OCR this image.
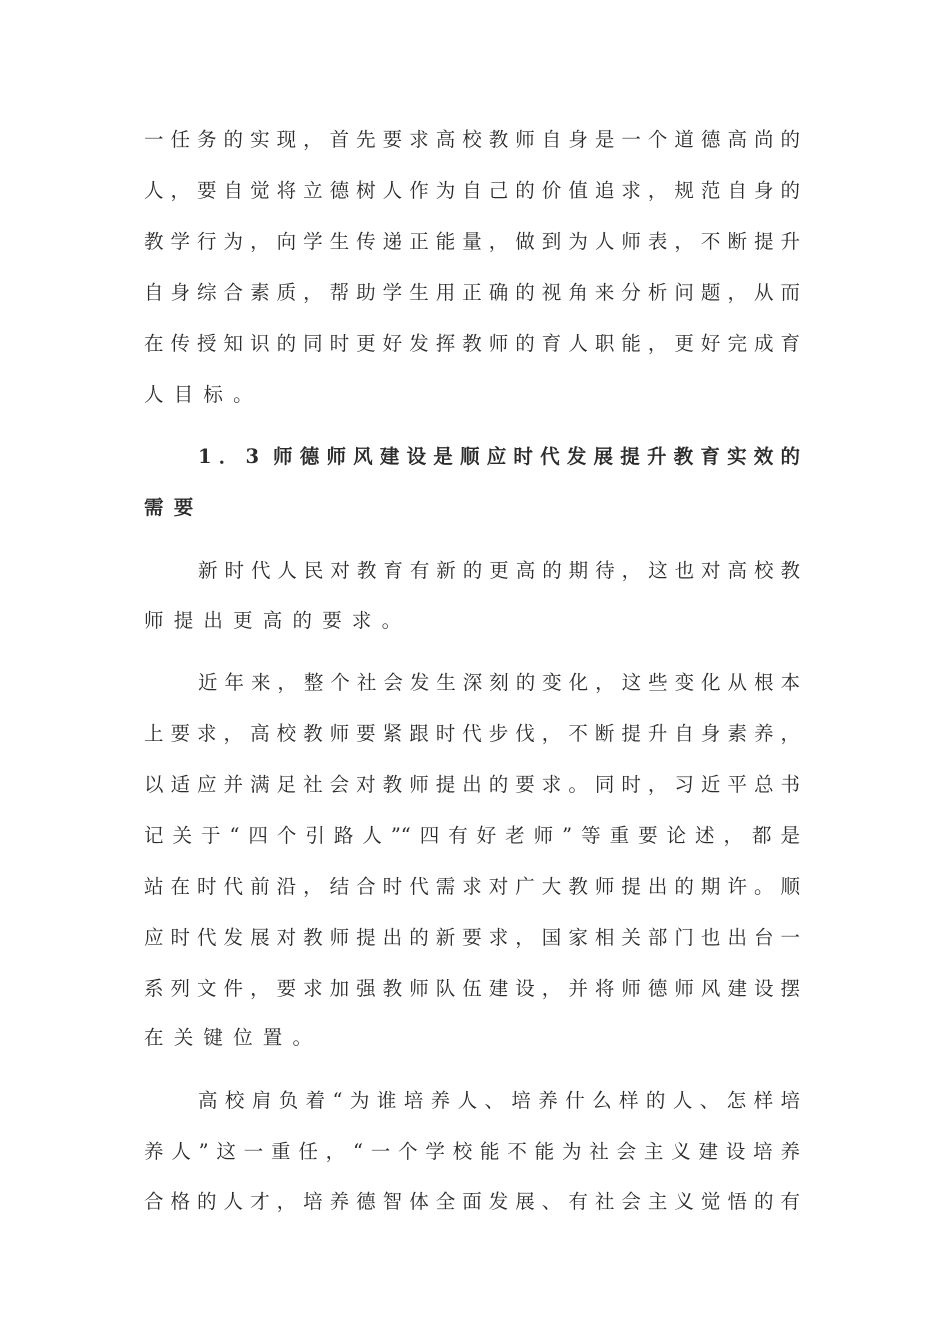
一任务的实现，首先要求高校教师自身是一个道德高尚的
人，要自觉将立德树人作为自己的价值追求，规范自身的
教学行为，向学生传递正能量，做到为人师表，不断提升
自身综合素质，帮助学生用正确的视角来分析问题，从而
在传授知识的同时更好发挥教师的育人职能，更好完成育
人目标。
1．3 师德师风建设是顺应时代发展提升教育实效的
需要
新时代人民对教育有新的更高的期待，这也对高校教
师提出更高的要求。
近年来，整个社会发生深刻的变化，这些变化从根本
上要求，高校教师要紧跟时代步伐，不断提升自身素养，
以适应并满足社会对教师提出的要求。同时，习近平总书
记关于“四个引路人”“四有好老师”等重要论述，都是
站在时代前沿，结合时代需求对广大教师提出的期许。顺
应时代发展对教师提出的新要求，国家相关部门也出台一
系列文件，要求加强教师队伍建设，并将师德师风建设摆
在关键位置。
高校肩负着“为谁培养人、培养什么样的人、怎样培
养人”这一重任，“一个学校能不能为社会主义建设培养
合格的人才，培养德智体全面发展、有社会主义觉悟的有
